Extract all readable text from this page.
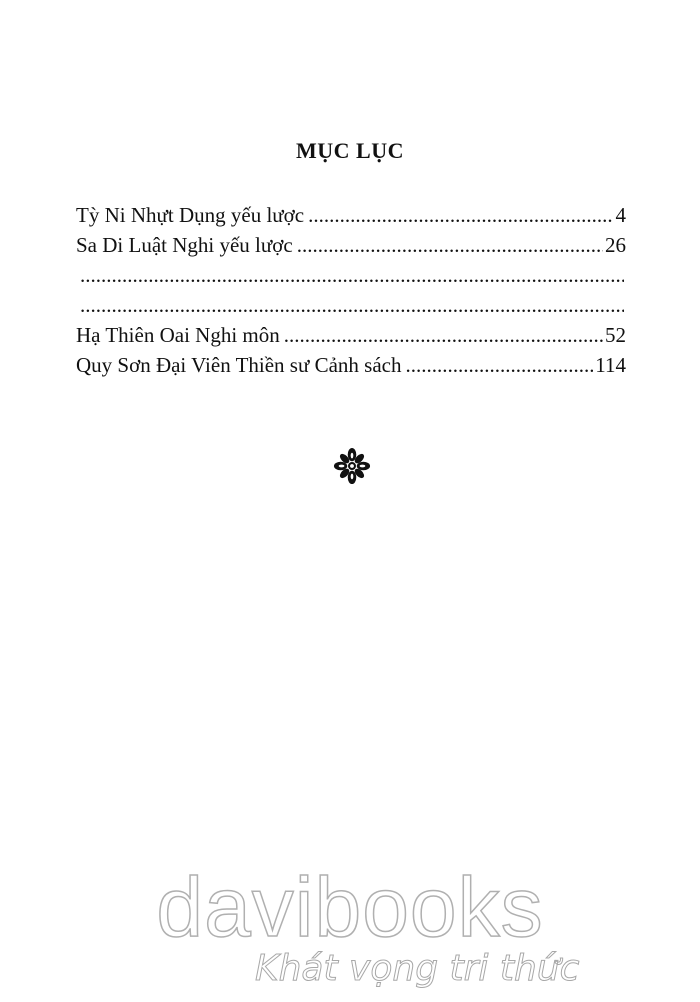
MỤC LỤC
Tỳ Ni Nhựt Dụng yếu lược .....	4
Sa Di Luật Nghi yếu lược .....	26
.....
.....
Hạ Thiên Oai Nghi môn .....	52
Quy Sơn Đại Viên Thiền sư Cảnh sách .....	114
davibooks
Khát vọng tri thức
